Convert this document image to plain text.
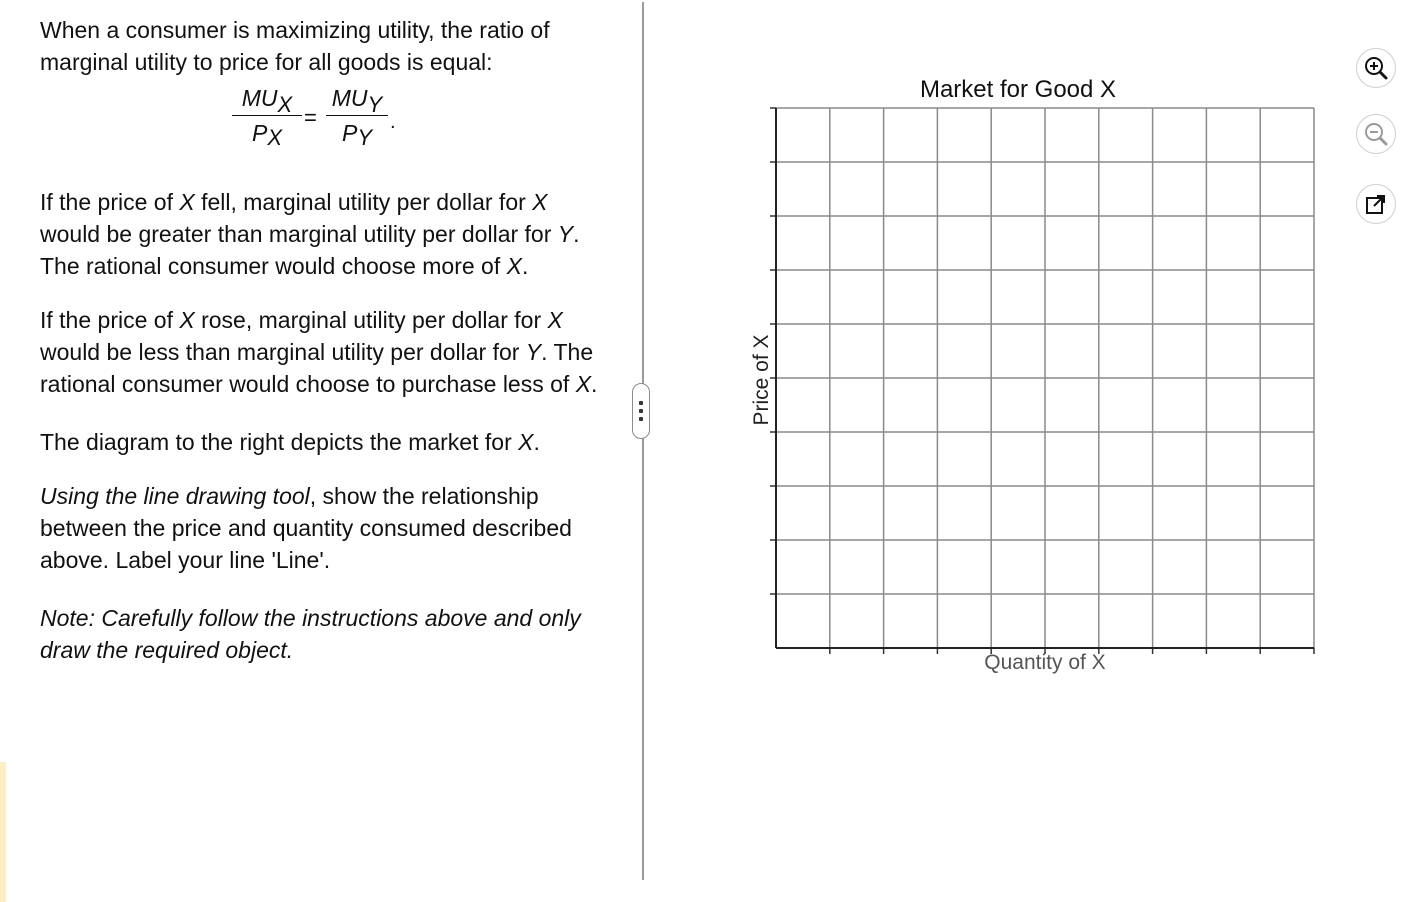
When a consumer is maximizing utility, the ratio of marginal utility to price for all goods is equal:

$MU_X$
$P_X$
=
$MU_Y$
$P_Y$
.

If the price of X fell, marginal utility per dollar for X would be greater than marginal utility per dollar for Y. The rational consumer would choose more of X.

If the price of X rose, marginal utility per dollar for X would be less than marginal utility per dollar for Y. The rational consumer would choose to purchase less of X.

The diagram to the right depicts the market for X.

Using the line drawing tool, show the relationship between the price and quantity consumed described above. Label your line 'Line'.

Note: Carefully follow the instructions above and only draw the required object.

Market for Good X
Price of X
Quantity of X
